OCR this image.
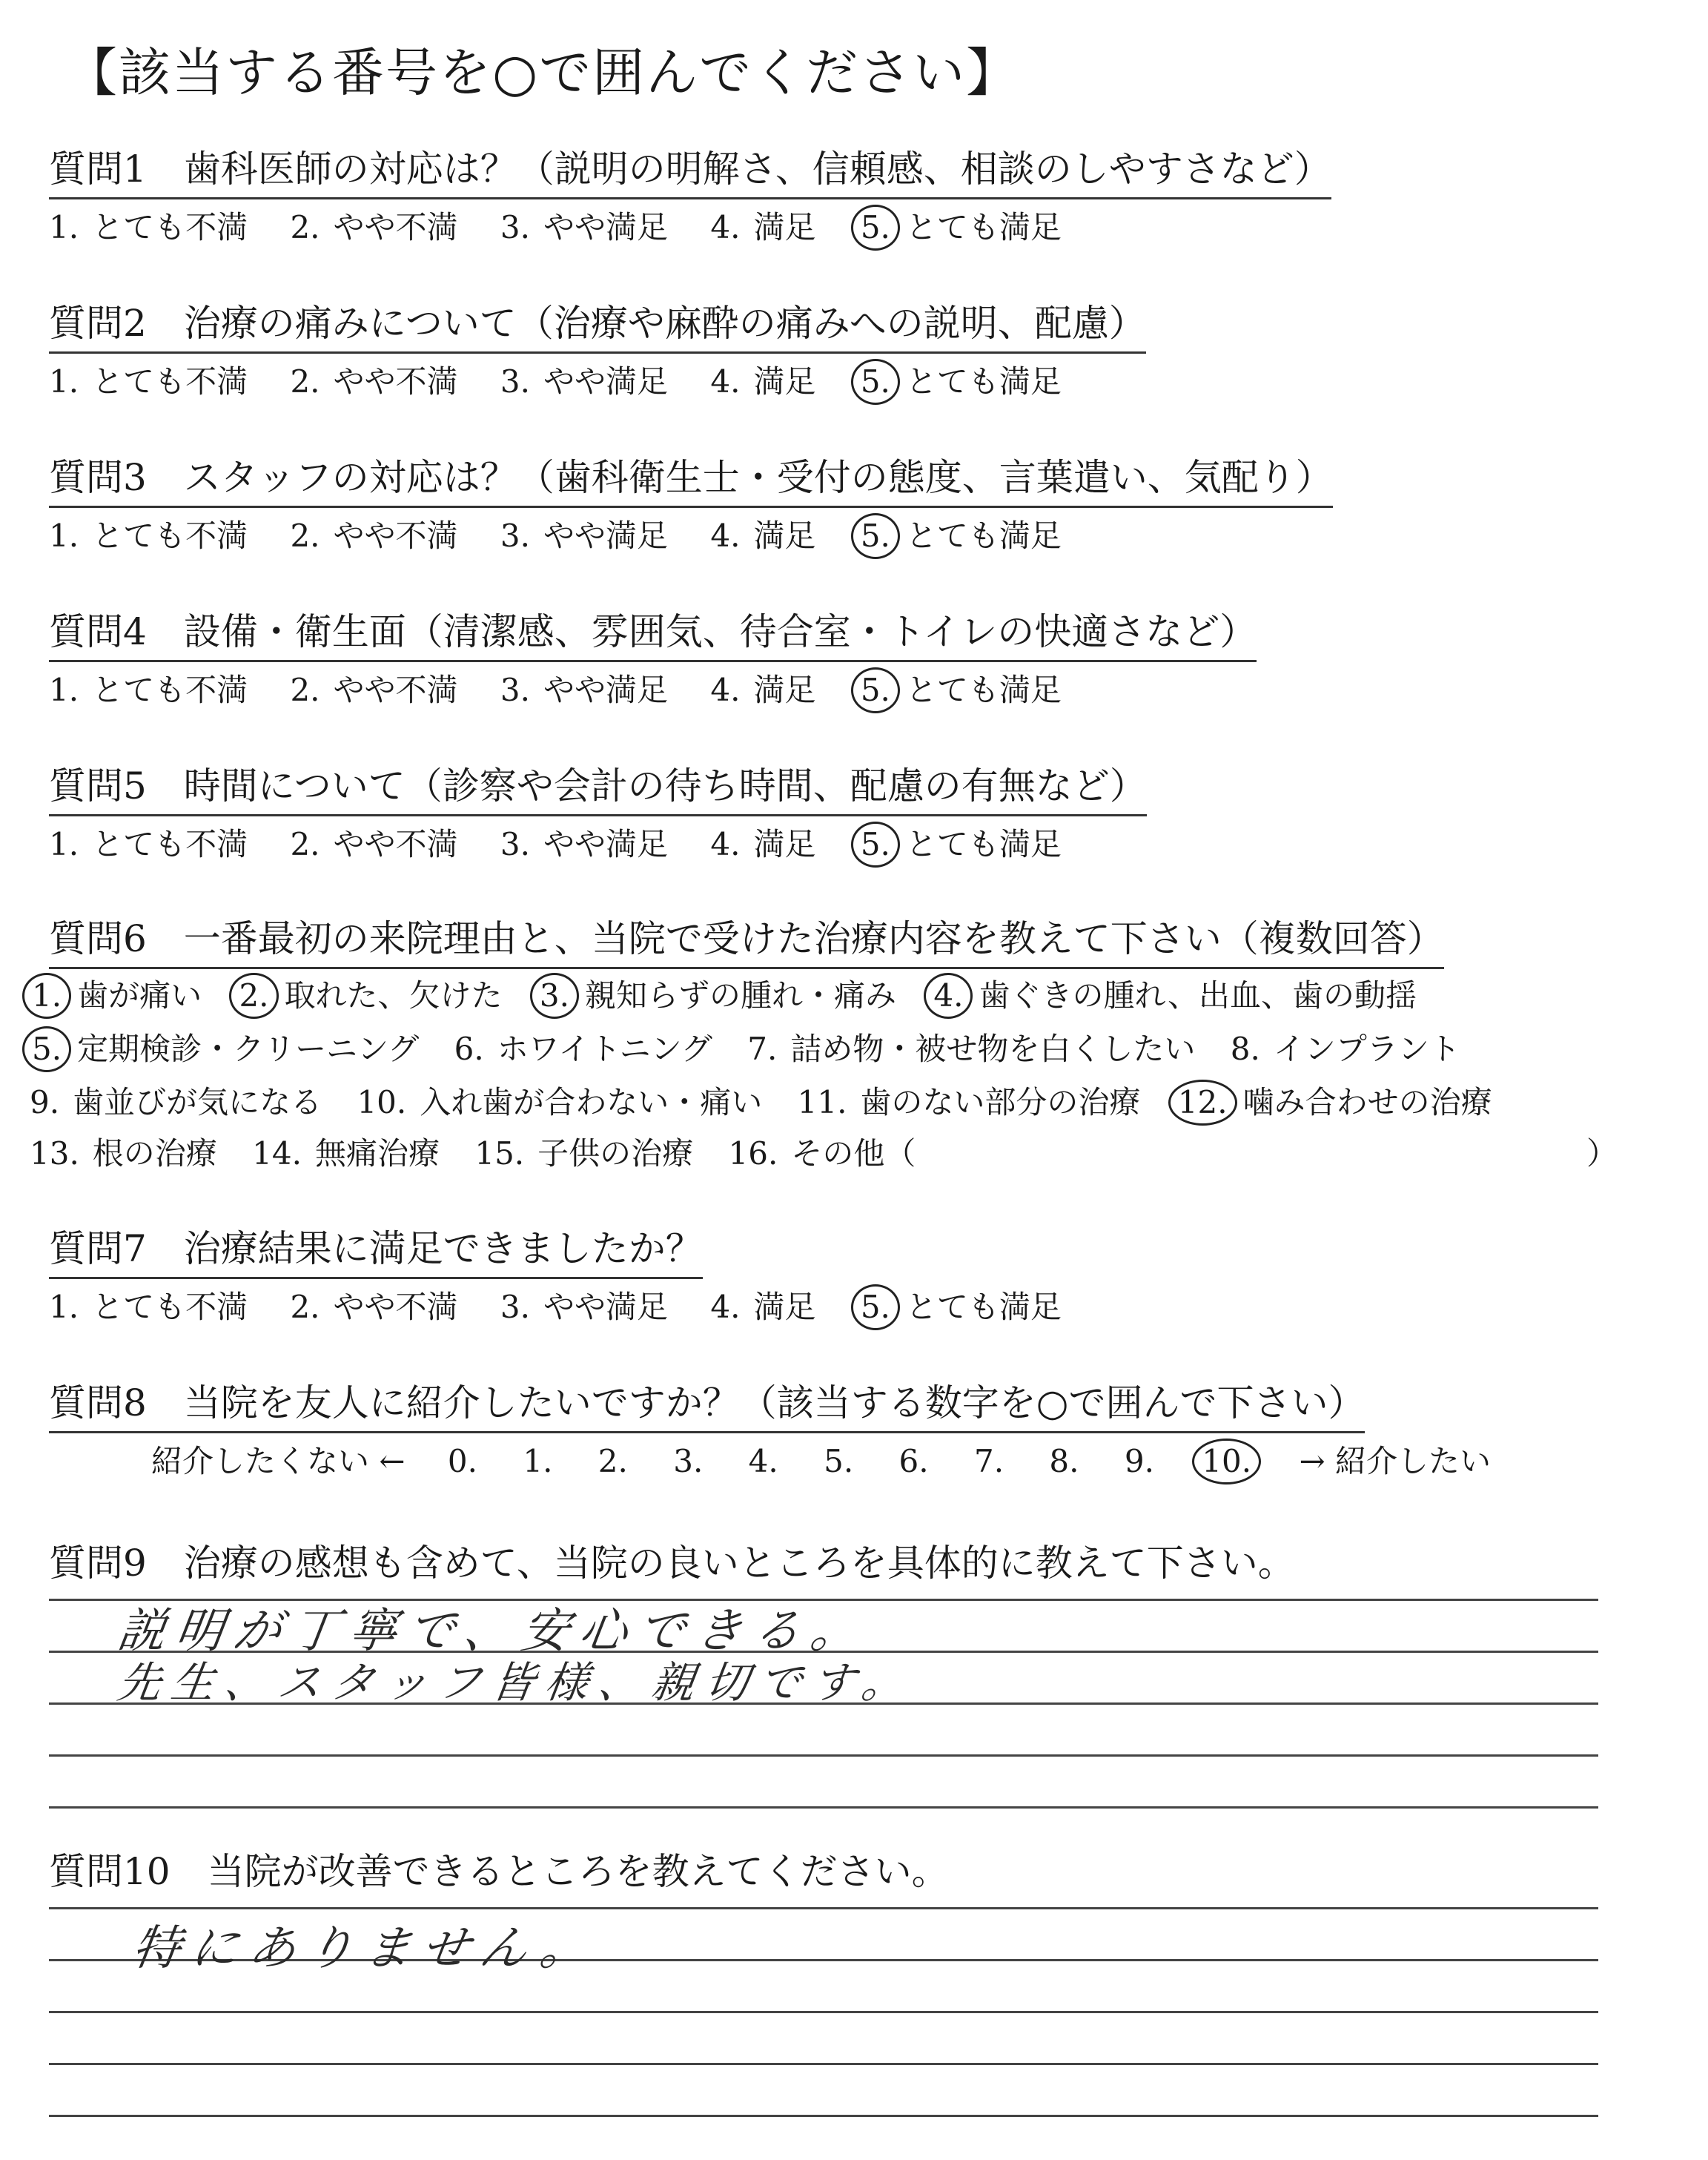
【該当する番号を○で囲んでください】
質問1　歯科医師の対応は？（説明の明解さ、信頼感、相談のしやすさなど）
1. とても不満 2. やや不満 3. やや満足 4. 満足 5. とても満足
質問2　治療の痛みについて（治療や麻酔の痛みへの説明、配慮）
1. とても不満 2. やや不満 3. やや満足 4. 満足 5. とても満足
質問3　スタッフの対応は？（歯科衛生士・受付の態度、言葉遣い、気配り）
1. とても不満 2. やや不満 3. やや満足 4. 満足 5. とても満足
質問4　設備・衛生面（清潔感、雰囲気、待合室・トイレの快適さなど）
1. とても不満 2. やや不満 3. やや満足 4. 満足 5. とても満足
質問5　時間について（診察や会計の待ち時間、配慮の有無など）
1. とても不満 2. やや不満 3. やや満足 4. 満足 5. とても満足
質問6　一番最初の来院理由と、当院で受けた治療内容を教えて下さい（複数回答）
1. 歯が痛い 2. 取れた、欠けた 3. 親知らずの腫れ・痛み 4. 歯ぐきの腫れ、出血、歯の動揺
5. 定期検診・クリーニング 6. ホワイトニング 7. 詰め物・被せ物を白くしたい 8. インプラント
9. 歯並びが気になる 10. 入れ歯が合わない・痛い 11. 歯のない部分の治療 12. 噛み合わせの治療
13. 根の治療 14. 無痛治療 15. 子供の治療 16. その他（	）
質問7　治療結果に満足できましたか？
1. とても不満 2. やや不満 3. やや満足 4. 満足 5. とても満足
質問8　当院を友人に紹介したいですか？（該当する数字を○で囲んで下さい）
紹介したくない ← 0. 1. 2. 3. 4. 5. 6. 7. 8. 9. 10. → 紹介したい
質問9　治療の感想も含めて、当院の良いところを具体的に教えて下さい。
説明が丁寧で、安心できる。
先生、スタッフ皆様、親切です。
質問10　当院が改善できるところを教えてください。
特にありません。
